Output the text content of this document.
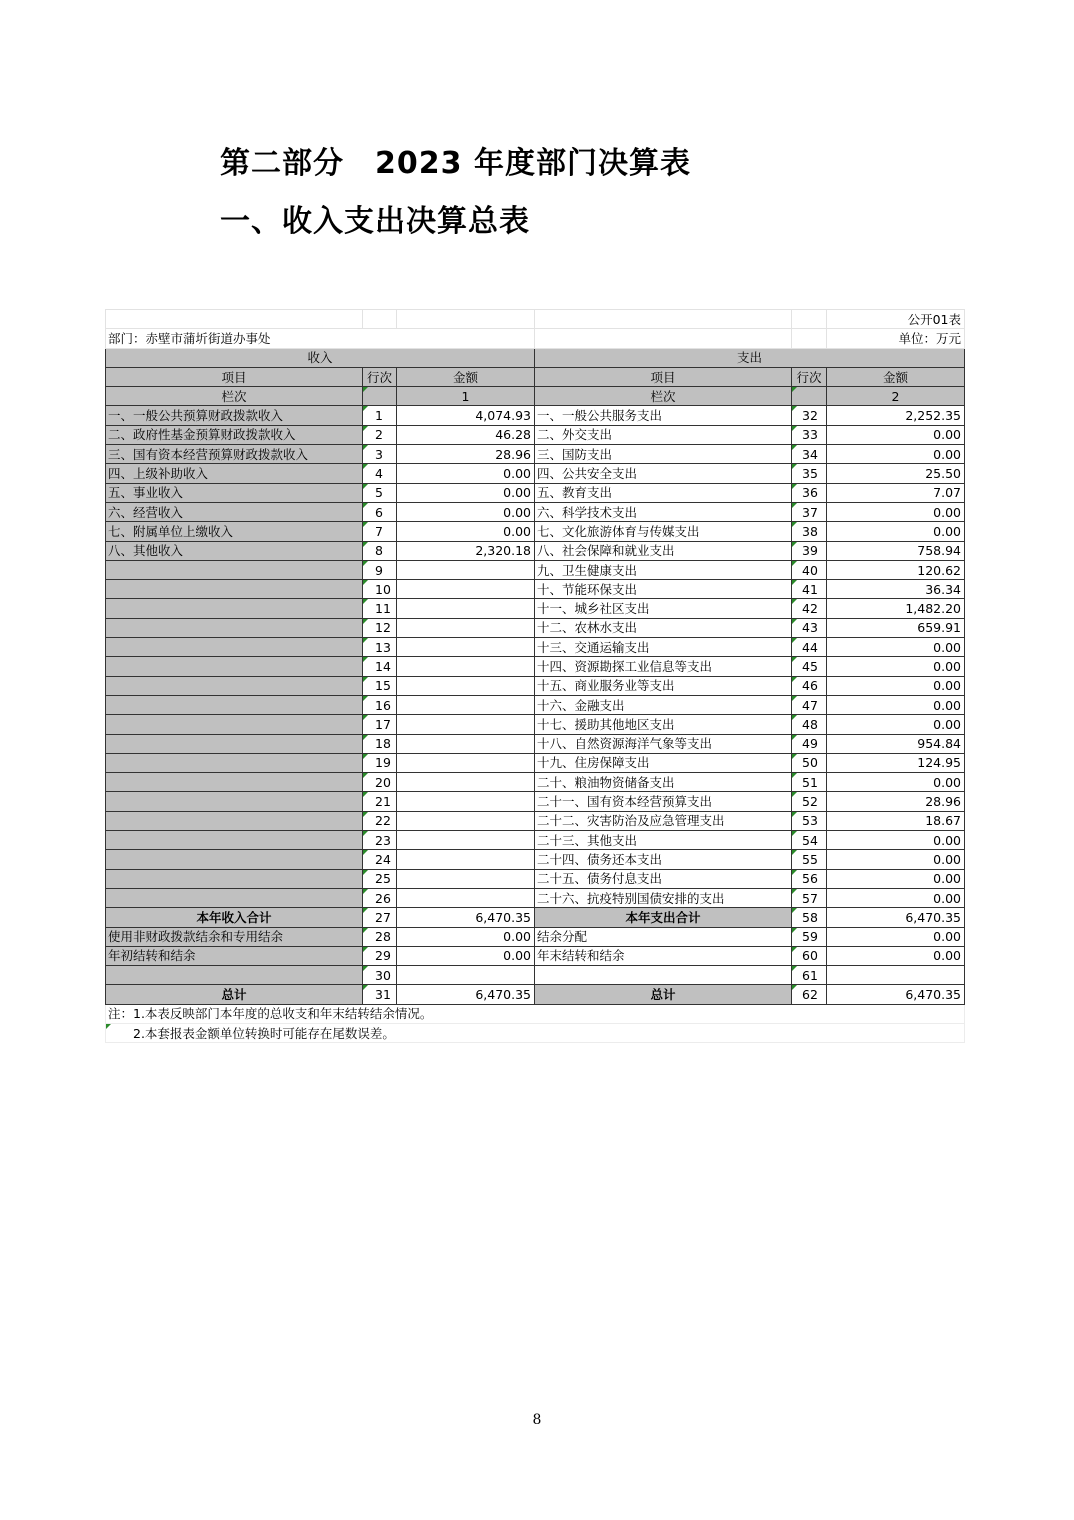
第二部分　2023 年度部门决算表
一、收入支出决算总表
					公开01表
部门：赤壁市蒲圻街道办事处					单位：万元
收入			支出		
项目	行次	金额	项目	行次	金额
栏次		1	栏次		2
一、一般公共预算财政拨款收入	1	4,074.93	一、一般公共服务支出	32	2,252.35
二、政府性基金预算财政拨款收入	2	46.28	二、外交支出	33	0.00
三、国有资本经营预算财政拨款收入	3	28.96	三、国防支出	34	0.00
四、上级补助收入	4	0.00	四、公共安全支出	35	25.50
五、事业收入	5	0.00	五、教育支出	36	7.07
六、经营收入	6	0.00	六、科学技术支出	37	0.00
七、附属单位上缴收入	7	0.00	七、文化旅游体育与传媒支出	38	0.00
八、其他收入	8	2,320.18	八、社会保障和就业支出	39	758.94
	9		九、卫生健康支出	40	120.62
	10		十、节能环保支出	41	36.34
	11		十一、城乡社区支出	42	1,482.20
	12		十二、农林水支出	43	659.91
	13		十三、交通运输支出	44	0.00
	14		十四、资源勘探工业信息等支出	45	0.00
	15		十五、商业服务业等支出	46	0.00
	16		十六、金融支出	47	0.00
	17		十七、援助其他地区支出	48	0.00
	18		十八、自然资源海洋气象等支出	49	954.84
	19		十九、住房保障支出	50	124.95
	20		二十、粮油物资储备支出	51	0.00
	21		二十一、国有资本经营预算支出	52	28.96
	22		二十二、灾害防治及应急管理支出	53	18.67
	23		二十三、其他支出	54	0.00
	24		二十四、债务还本支出	55	0.00
	25		二十五、债务付息支出	56	0.00
	26		二十六、抗疫特别国债安排的支出	57	0.00
本年收入合计	27	6,470.35	本年支出合计	58	6,470.35
使用非财政拨款结余和专用结余	28	0.00	结余分配	59	0.00
年初结转和结余	29	0.00	年末结转和结余	60	0.00
	30			61	
总计	31	6,470.35	总计	62	6,470.35
注：1.本表反映部门本年度的总收支和年末结转结余情况。					
　　2.本套报表金额单位转换时可能存在尾数误差。					
8
